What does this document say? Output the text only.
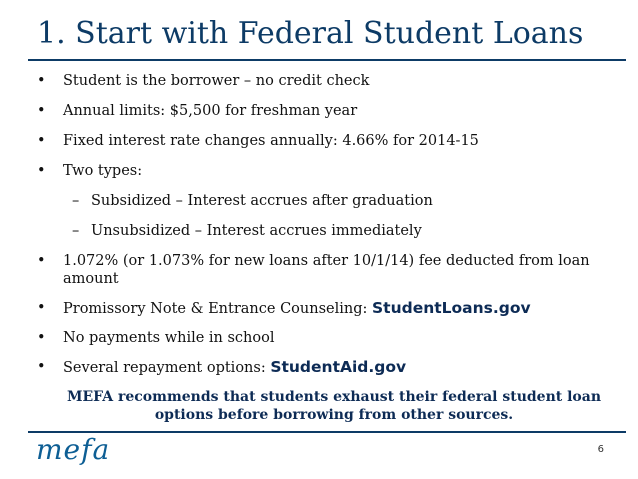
1. Start with Federal Student Loans
• Student is the borrower – no credit check
• Annual limits: $5,500 for freshman year
• Fixed interest rate changes annually: 4.66% for 2014-15
• Two types:
– Subsidized – Interest accrues after graduation
– Unsubsidized – Interest accrues immediately
• 1.072% (or 1.073% for new loans after 10/1/14) fee deducted from loan amount
• Promissory Note & Entrance Counseling: StudentLoans.gov
• No payments while in school
• Several repayment options: StudentAid.gov
MEFA recommends that students exhaust their federal student loan options before borrowing from other sources.
mefa	6
